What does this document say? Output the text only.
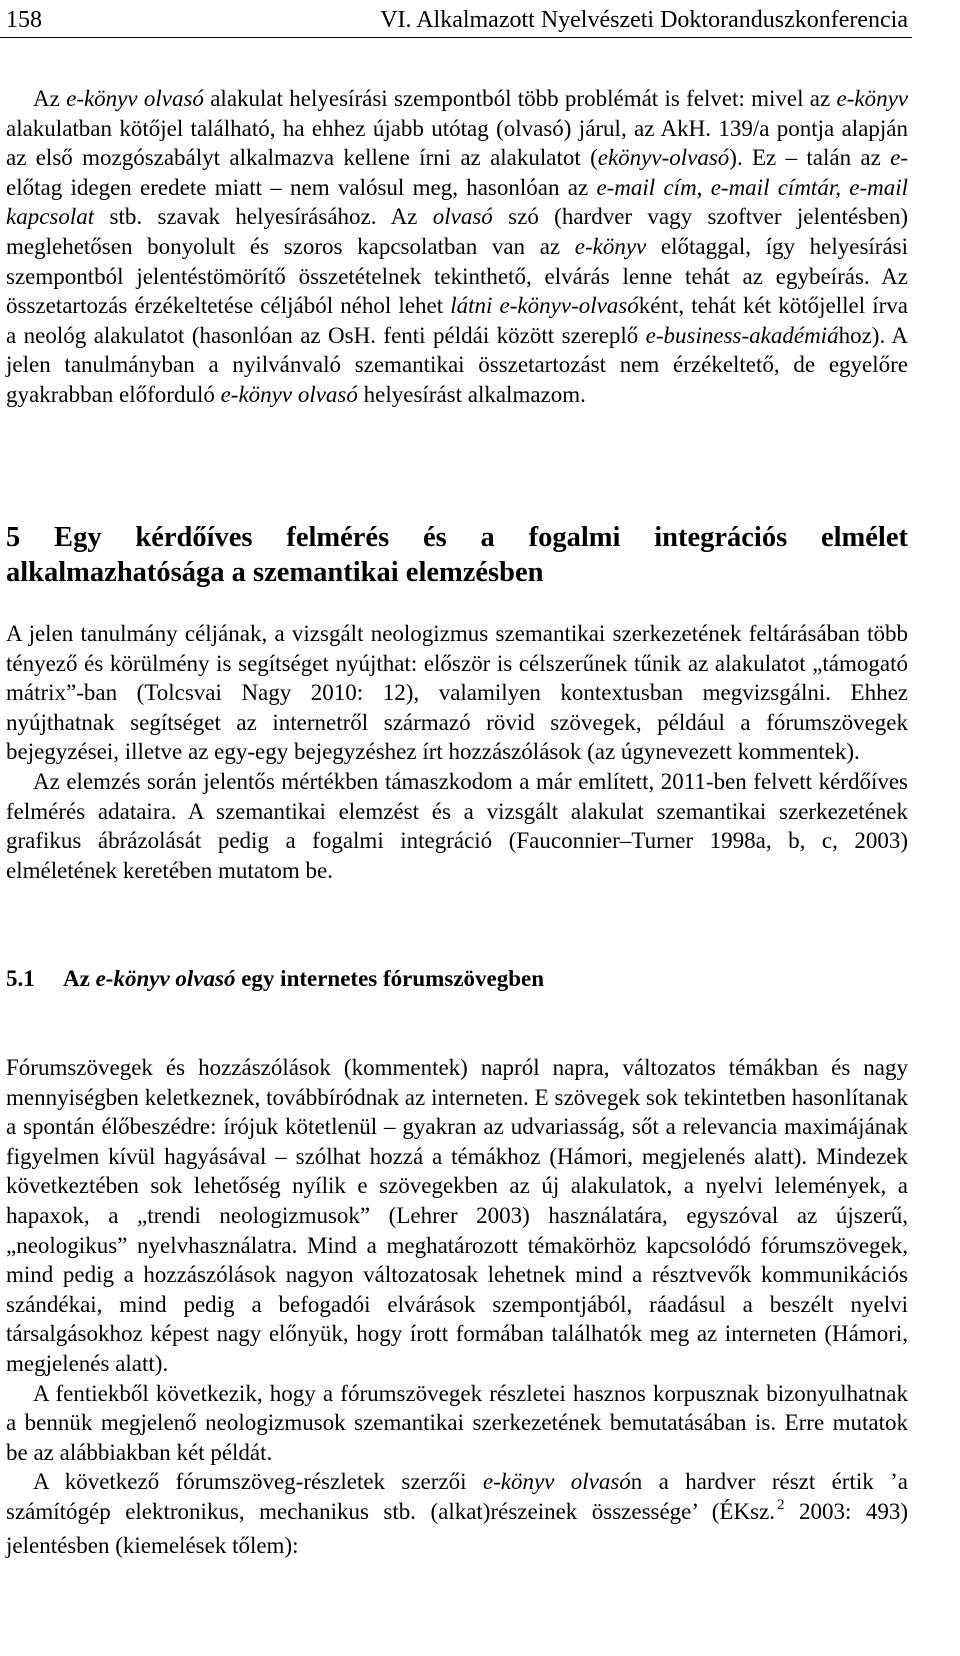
158	VI. Alkalmazott Nyelvészeti Doktoranduszkonferencia

Az e-könyv olvasó alakulat helyesírási szempontból több problémát is felvet: mivel az e-könyv alakulatban kötőjel található, ha ehhez újabb utótag (olvasó) járul, az AkH. 139/a pontja alapján az első mozgószabályt alkalmazva kellene írni az alakulatot (ekönyv-olvasó). Ez – talán az e- előtag idegen eredete miatt – nem valósul meg, hasonlóan az e-mail cím, e-mail címtár, e-mail kapcsolat stb. szavak helyesírásához. Az olvasó szó (hardver vagy szoftver jelentésben) meglehetősen bonyolult és szoros kapcsolatban van az e-könyv előtaggal, így helyesírási szempontból jelentéstömörítő összetételnek tekinthető, elvárás lenne tehát az egybeírás. Az összetartozás érzékeltetése céljából néhol lehet látni e-könyv-olvasóként, tehát két kötőjellel írva a neológ alakulatot (hasonlóan az OsH. fenti példái között szereplő e-business-akadémiához). A jelen tanulmányban a nyilvánvaló szemantikai összetartozást nem érzékeltető, de egyelőre gyakrabban előforduló e-könyv olvasó helyesírást alkalmazom.

5 Egy kérdőíves felmérés és a fogalmi integrációs elmélet alkalmazhatósága a szemantikai elemzésben

A jelen tanulmány céljának, a vizsgált neologizmus szemantikai szerkezetének feltárásában több tényező és körülmény is segítséget nyújthat: először is célszerűnek tűnik az alakulatot „támogató mátrix”-ban (Tolcsvai Nagy 2010: 12), valamilyen kontextusban megvizsgálni. Ehhez nyújthatnak segítséget az internetről származó rövid szövegek, például a fórumszövegek bejegyzései, illetve az egy-egy bejegyzéshez írt hozzászólások (az úgynevezett kommentek).

Az elemzés során jelentős mértékben támaszkodom a már említett, 2011-ben felvett kérdőíves felmérés adataira. A szemantikai elemzést és a vizsgált alakulat szemantikai szerkezetének grafikus ábrázolását pedig a fogalmi integráció (Fauconnier–Turner 1998a, b, c, 2003) elméletének keretében mutatom be.

5.1 Az e-könyv olvasó egy internetes fórumszövegben

Fórumszövegek és hozzászólások (kommentek) napról napra, változatos témákban és nagy mennyiségben keletkeznek, továbbíródnak az interneten. E szövegek sok tekintetben hasonlítanak a spontán élőbeszédre: írójuk kötetlenül – gyakran az udvariasság, sőt a relevancia maximájának figyelmen kívül hagyásával – szólhat hozzá a témákhoz (Hámori, megjelenés alatt). Mindezek következtében sok lehetőség nyílik e szövegekben az új alakulatok, a nyelvi lelemények, a hapaxok, a „trendi neologizmusok” (Lehrer 2003) használatára, egyszóval az újszerű, „neologikus” nyelvhasználatra. Mind a meghatározott témakörhöz kapcsolódó fórumszövegek, mind pedig a hozzászólások nagyon változatosak lehetnek mind a résztvevők kommunikációs szándékai, mind pedig a befogadói elvárások szempontjából, ráadásul a beszélt nyelvi társalgásokhoz képest nagy előnyük, hogy írott formában találhatók meg az interneten (Hámori, megjelenés alatt).

A fentiekből következik, hogy a fórumszövegek részletei hasznos korpusznak bizonyulhatnak a bennük megjelenő neologizmusok szemantikai szerkezetének bemutatásában is. Erre mutatok be az alábbiakban két példát.

A következő fórumszöveg-részletek szerzői e-könyv olvasón a hardver részt értik ’a számítógép elektronikus, mechanikus stb. (alkat)részeinek összessége’ (ÉKsz. $^2$ 2003: 493) jelentésben (kiemelések tőlem):
